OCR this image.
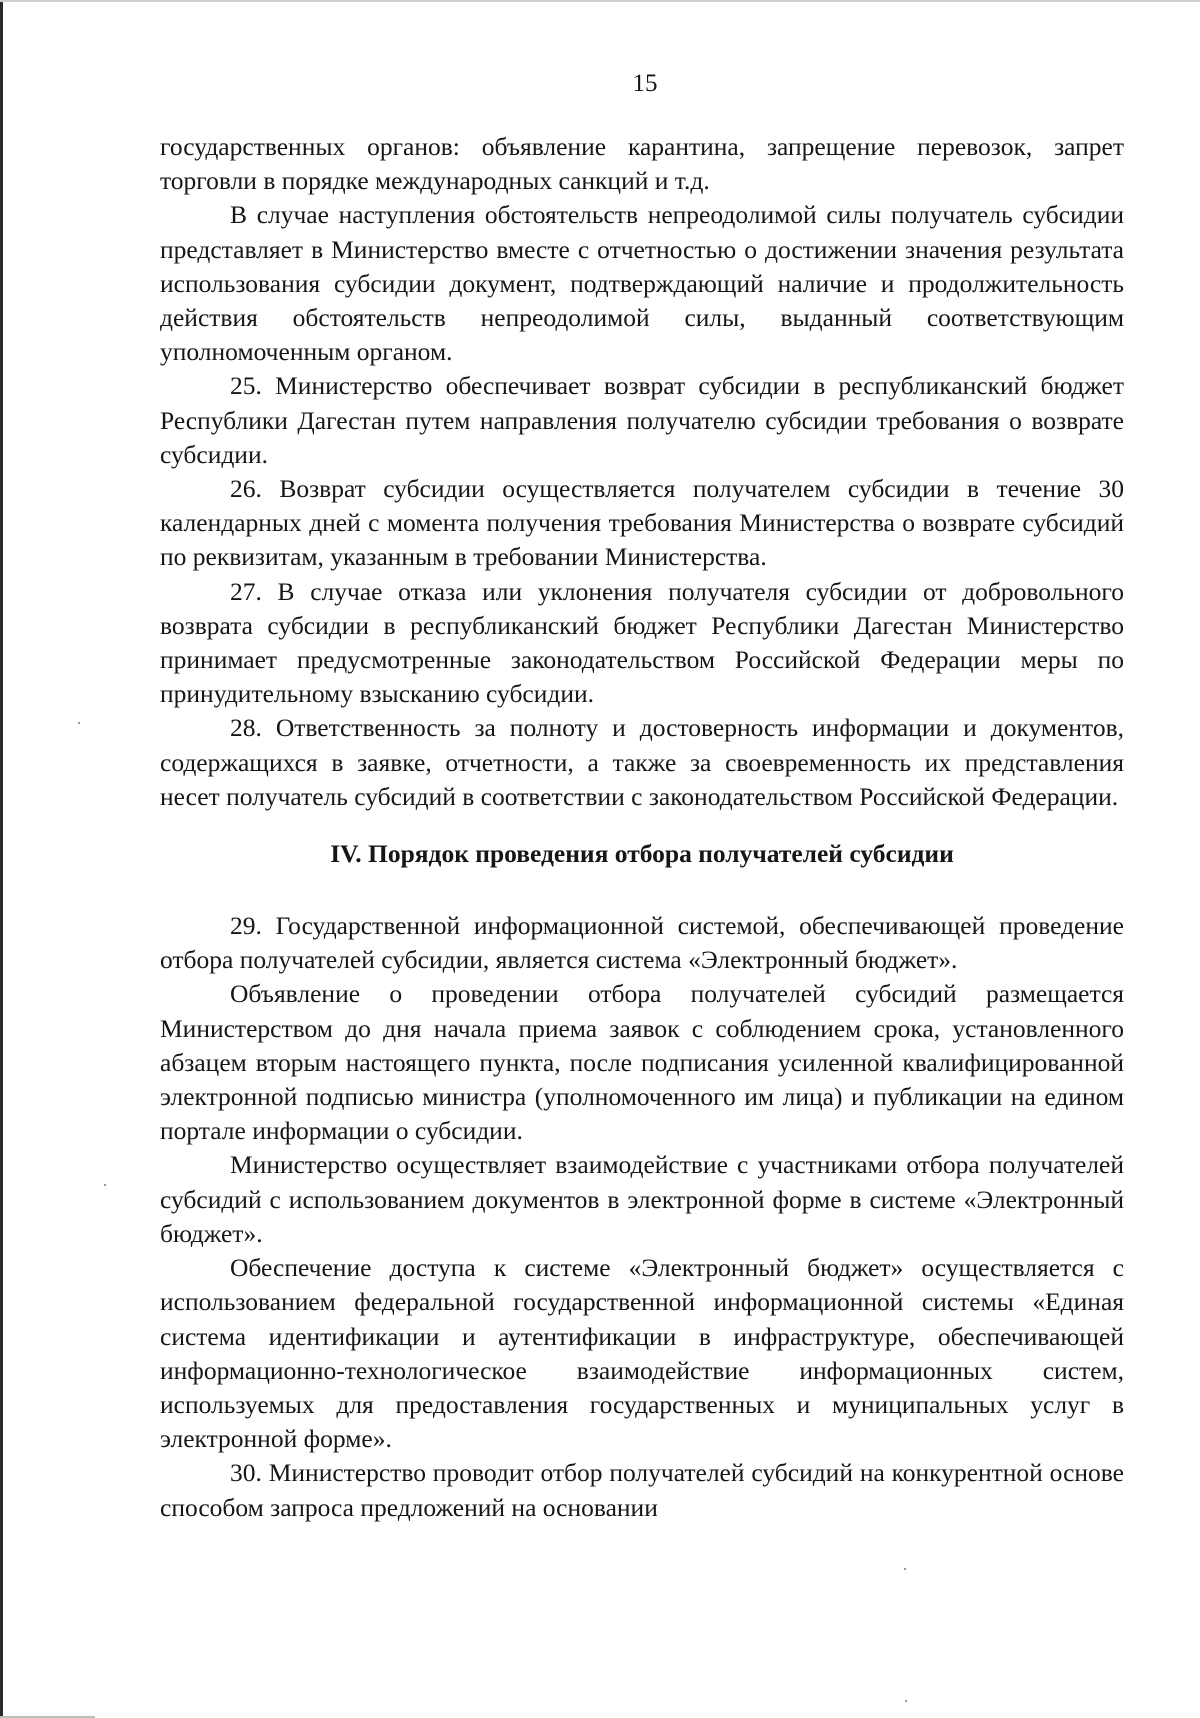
15

государственных органов: объявление карантина, запрещение перевозок, запрет торговли в порядке международных санкций и т.д.

В случае наступления обстоятельств непреодолимой силы получатель субсидии представляет в Министерство вместе с отчетностью о достижении значения результата использования субсидии документ, подтверждающий наличие и продолжительность действия обстоятельств непреодолимой силы, выданный соответствующим уполномоченным органом.

25. Министерство обеспечивает возврат субсидии в республиканский бюджет Республики Дагестан путем направления получателю субсидии требования о возврате субсидии.

26. Возврат субсидии осуществляется получателем субсидии в течение 30 календарных дней с момента получения требования Министерства о возврате субсидий по реквизитам, указанным в требовании Министерства.

27. В случае отказа или уклонения получателя субсидии от добровольного возврата субсидии в республиканский бюджет Республики Дагестан Министерство принимает предусмотренные законодательством Российской Федерации меры по принудительному взысканию субсидии.

28. Ответственность за полноту и достоверность информации и документов, содержащихся в заявке, отчетности, а также за своевременность их представления несет получатель субсидий в соответствии с законодательством Российской Федерации.

IV. Порядок проведения отбора получателей субсидии

29. Государственной информационной системой, обеспечивающей проведение отбора получателей субсидии, является система «Электронный бюджет».

Объявление о проведении отбора получателей субсидий размещается Министерством до дня начала приема заявок с соблюдением срока, установленного абзацем вторым настоящего пункта, после подписания усиленной квалифицированной электронной подписью министра (уполномоченного им лица) и публикации на едином портале информации о субсидии.

Министерство осуществляет взаимодействие с участниками отбора получателей субсидий с использованием документов в электронной форме в системе «Электронный бюджет».

Обеспечение доступа к системе «Электронный бюджет» осуществляется с использованием федеральной государственной информационной системы «Единая система идентификации и аутентификации в инфраструктуре, обеспечивающей информационно-технологическое взаимодействие информационных систем, используемых для предоставления государственных и муниципальных услуг в электронной форме».

30. Министерство проводит отбор получателей субсидий на конкурентной основе способом запроса предложений на основании
